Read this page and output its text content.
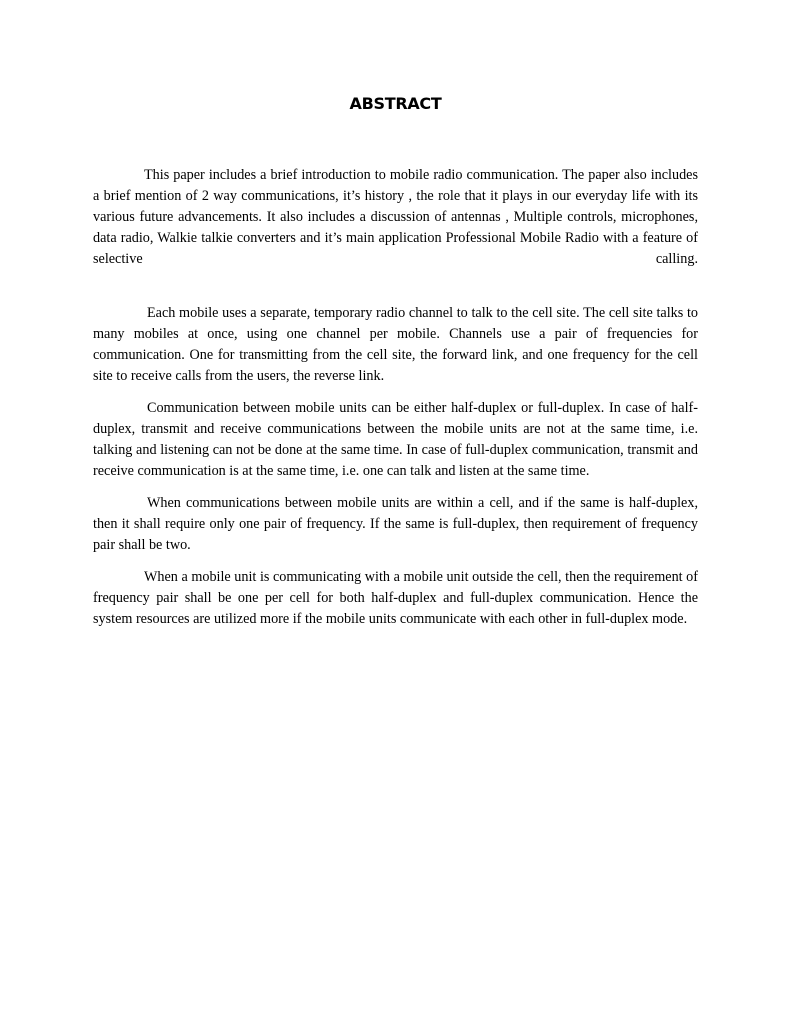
ABSTRACT

This paper includes a brief introduction to mobile radio communication. The paper also includes a brief mention of 2 way communications, it’s history , the role that it plays in our everyday life with its various future advancements. It also includes a discussion of antennas , Multiple controls, microphones, data radio, Walkie talkie converters and it’s main application Professional Mobile Radio with a feature of selective calling.

Each mobile uses a separate, temporary radio channel to talk to the cell site. The cell site talks to many mobiles at once, using one channel per mobile. Channels use a pair of frequencies for communication. One for transmitting from the cell site, the forward link, and one frequency for the cell site to receive calls from the users, the reverse link.

Communication between mobile units can be either half-duplex or full-duplex. In case of half-duplex, transmit and receive communications between the mobile units are not at the same time, i.e. talking and listening can not be done at the same time. In case of full-duplex communication, transmit and receive communication is at the same time, i.e. one can talk and listen at the same time.

When communications between mobile units are within a cell, and if the same is half-duplex, then it shall require only one pair of frequency. If the same is full-duplex, then requirement of frequency pair shall be two.

When a mobile unit is communicating with a mobile unit outside the cell, then the requirement of frequency pair shall be one per cell for both half-duplex and full-duplex communication. Hence the system resources are utilized more if the mobile units communicate with each other in full-duplex mode.
